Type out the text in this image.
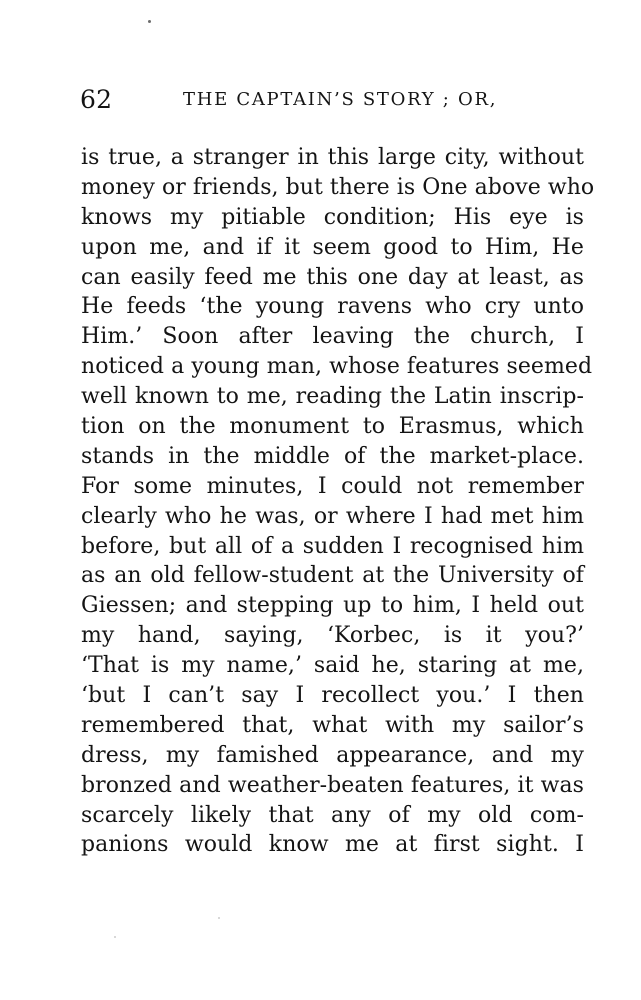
62	THE CAPTAIN’S STORY ; OR,
is true, a stranger in this large city, without
money or friends, but there is One above who
knows my pitiable condition; His eye is
upon me, and if it seem good to Him, He
can easily feed me this one day at least, as
He feeds ‘the young ravens who cry unto
Him.’ Soon after leaving the church, I
noticed a young man, whose features seemed
well known to me, reading the Latin inscrip-
tion on the monument to Erasmus, which
stands in the middle of the market-place.
For some minutes, I could not remember
clearly who he was, or where I had met him
before, but all of a sudden I recognised him
as an old fellow-student at the University of
Giessen; and stepping up to him, I held out
my hand, saying, ‘Korbec, is it you?’
‘That is my name,’ said he, staring at me,
‘but I can’t say I recollect you.’ I then
remembered that, what with my sailor’s
dress, my famished appearance, and my
bronzed and weather-beaten features, it was
scarcely likely that any of my old com-
panions would know me at first sight. I
